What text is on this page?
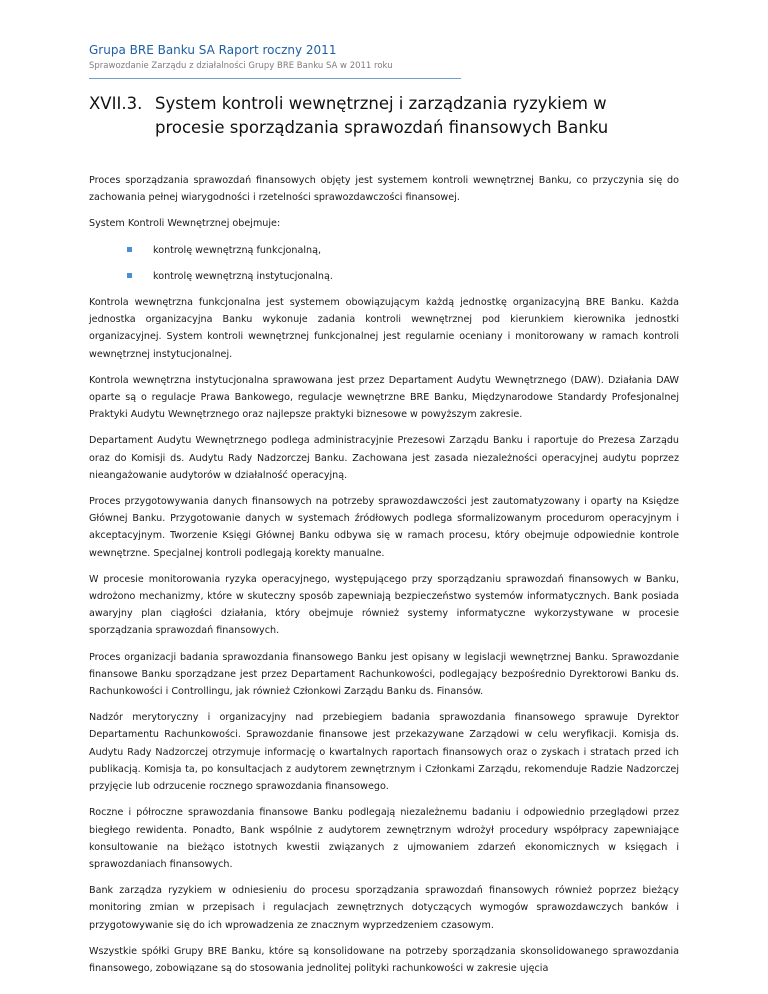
Grupa BRE Banku SA Raport roczny 2011
Sprawozdanie Zarządu z działalności Grupy BRE Banku SA w 2011 roku
XVII.3. System kontroli wewnętrznej i zarządzania ryzykiem w
procesie sporządzania sprawozdań finansowych Banku

Proces sporządzania sprawozdań finansowych objęty jest systemem kontroli wewnętrznej Banku, co przyczynia się do zachowania pełnej wiarygodności i rzetelności sprawozdawczości finansowej.

System Kontroli Wewnętrznej obejmuje:

kontrolę wewnętrzną funkcjonalną,
kontrolę wewnętrzną instytucjonalną.

Kontrola wewnętrzna funkcjonalna jest systemem obowiązującym każdą jednostkę organizacyjną BRE Banku. Każda jednostka organizacyjna Banku wykonuje zadania kontroli wewnętrznej pod kierunkiem kierownika jednostki organizacyjnej. System kontroli wewnętrznej funkcjonalnej jest regularnie oceniany i monitorowany w ramach kontroli wewnętrznej instytucjonalnej.

Kontrola wewnętrzna instytucjonalna sprawowana jest przez Departament Audytu Wewnętrznego (DAW). Działania DAW oparte są o regulacje Prawa Bankowego, regulacje wewnętrzne BRE Banku, Międzynarodowe Standardy Profesjonalnej Praktyki Audytu Wewnętrznego oraz najlepsze praktyki biznesowe w powyższym zakresie.

Departament Audytu Wewnętrznego podlega administracyjnie Prezesowi Zarządu Banku i raportuje do Prezesa Zarządu oraz do Komisji ds. Audytu Rady Nadzorczej Banku. Zachowana jest zasada niezależności operacyjnej audytu poprzez nieangażowanie audytorów w działalność operacyjną.

Proces przygotowywania danych finansowych na potrzeby sprawozdawczości jest zautomatyzowany i oparty na Księdze Głównej Banku. Przygotowanie danych w systemach źródłowych podlega sformalizowanym procedurom operacyjnym i akceptacyjnym. Tworzenie Księgi Głównej Banku odbywa się w ramach procesu, który obejmuje odpowiednie kontrole wewnętrzne. Specjalnej kontroli podlegają korekty manualne.

W procesie monitorowania ryzyka operacyjnego, występującego przy sporządzaniu sprawozdań finansowych w Banku, wdrożono mechanizmy, które w skuteczny sposób zapewniają bezpieczeństwo systemów informatycznych. Bank posiada awaryjny plan ciągłości działania, który obejmuje również systemy informatyczne wykorzystywane w procesie sporządzania sprawozdań finansowych.

Proces organizacji badania sprawozdania finansowego Banku jest opisany w legislacji wewnętrznej Banku. Sprawozdanie finansowe Banku sporządzane jest przez Departament Rachunkowości, podlegający bezpośrednio Dyrektorowi Banku ds. Rachunkowości i Controllingu, jak również Członkowi Zarządu Banku ds. Finansów.

Nadzór merytoryczny i organizacyjny nad przebiegiem badania sprawozdania finansowego sprawuje Dyrektor Departamentu Rachunkowości. Sprawozdanie finansowe jest przekazywane Zarządowi w celu weryfikacji. Komisja ds. Audytu Rady Nadzorczej otrzymuje informację o kwartalnych raportach finansowych oraz o zyskach i stratach przed ich publikacją. Komisja ta, po konsultacjach z audytorem zewnętrznym i Członkami Zarządu, rekomenduje Radzie Nadzorczej przyjęcie lub odrzucenie rocznego sprawozdania finansowego.

Roczne i półroczne sprawozdania finansowe Banku podlegają niezależnemu badaniu i odpowiednio przeglądowi przez biegłego rewidenta. Ponadto, Bank wspólnie z audytorem zewnętrznym wdrożył procedury współpracy zapewniające konsultowanie na bieżąco istotnych kwestii związanych z ujmowaniem zdarzeń ekonomicznych w księgach i sprawozdaniach finansowych.

Bank zarządza ryzykiem w odniesieniu do procesu sporządzania sprawozdań finansowych również poprzez bieżący monitoring zmian w przepisach i regulacjach zewnętrznych dotyczących wymogów sprawozdawczych banków i przygotowywanie się do ich wprowadzenia ze znacznym wyprzedzeniem czasowym.

Wszystkie spółki Grupy BRE Banku, które są konsolidowane na potrzeby sporządzania skonsolidowanego sprawozdania finansowego, zobowiązane są do stosowania jednolitej polityki rachunkowości w zakresie ujęcia
